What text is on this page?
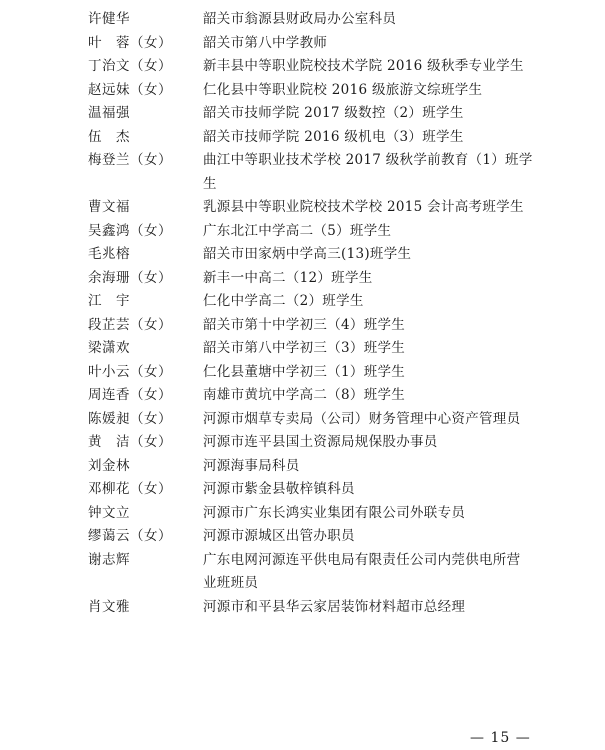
许健华	韶关市翁源县财政局办公室科员
叶　蓉（女）	韶关市第八中学教师
丁治文（女）	新丰县中等职业院校技术学院 2016 级秋季专业学生
赵远妹（女）	仁化县中等职业院校 2016 级旅游文综班学生
温福强	韶关市技师学院 2017 级数控（2）班学生
伍　杰	韶关市技师学院 2016 级机电（3）班学生
梅登兰（女）	曲江中等职业技术学校 2017 级秋学前教育（1）班学生
曹文福	乳源县中等职业院校技术学校 2015 会计高考班学生
吴鑫鸿（女）	广东北江中学高二（5）班学生
毛兆榕	韶关市田家炳中学高三(13)班学生
余海珊（女）	新丰一中高二（12）班学生
江　宇	仁化中学高二（2）班学生
段芷芸（女）	韶关市第十中学初三（4）班学生
梁潇欢	韶关市第八中学初三（3）班学生
叶小云（女）	仁化县董塘中学初三（1）班学生
周连香（女）	南雄市黄坑中学高二（8）班学生
陈媛昶（女）	河源市烟草专卖局（公司）财务管理中心资产管理员
黄　洁（女）	河源市连平县国土资源局规保股办事员
刘金林	河源海事局科员
邓柳花（女）	河源市紫金县敬梓镇科员
钟文立	河源市广东长鸿实业集团有限公司外联专员
缪蔼云（女）	河源市源城区出管办职员
谢志辉	广东电网河源连平供电局有限责任公司内莞供电所营业班班员
肖文雅	河源市和平县华云家居装饰材料超市总经理
— 15 —
